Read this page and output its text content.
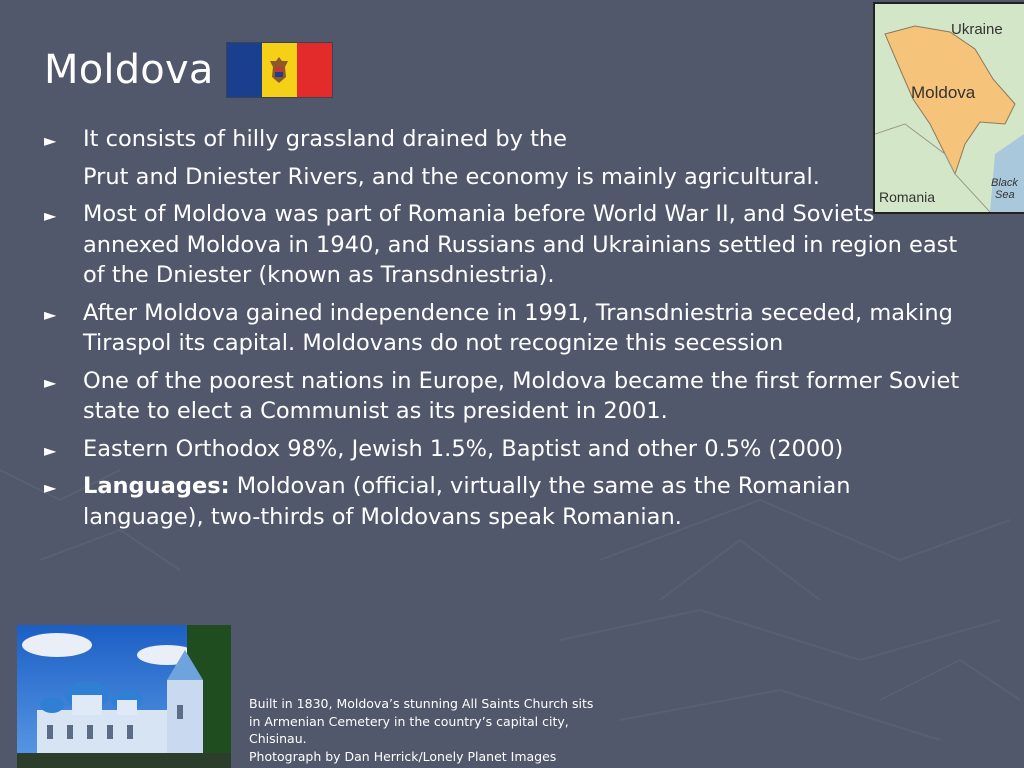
Moldova
Ukraine
Moldova
Romania
Black
Sea
► It consists of hilly grassland drained by the
Prut and Dniester Rivers, and the economy is mainly agricultural.
► Most of Moldova was part of Romania before World War II, and Soviets annexed Moldova in 1940, and Russians and Ukrainians settled in region east of the Dniester (known as Transdniestria).
► After Moldova gained independence in 1991, Transdniestria seceded, making Tiraspol its capital. Moldovans do not recognize this secession
► One of the poorest nations in Europe, Moldova became the first former Soviet state to elect a Communist as its president in 2001.
► Eastern Orthodox 98%, Jewish 1.5%, Baptist and other 0.5% (2000)
► Languages: Moldovan (official, virtually the same as the Romanian language), two-thirds of Moldovans speak Romanian.
Built in 1830, Moldova’s stunning All Saints Church sits
in Armenian Cemetery in the country’s capital city,
Chisinau.
Photograph by Dan Herrick/Lonely Planet Images
